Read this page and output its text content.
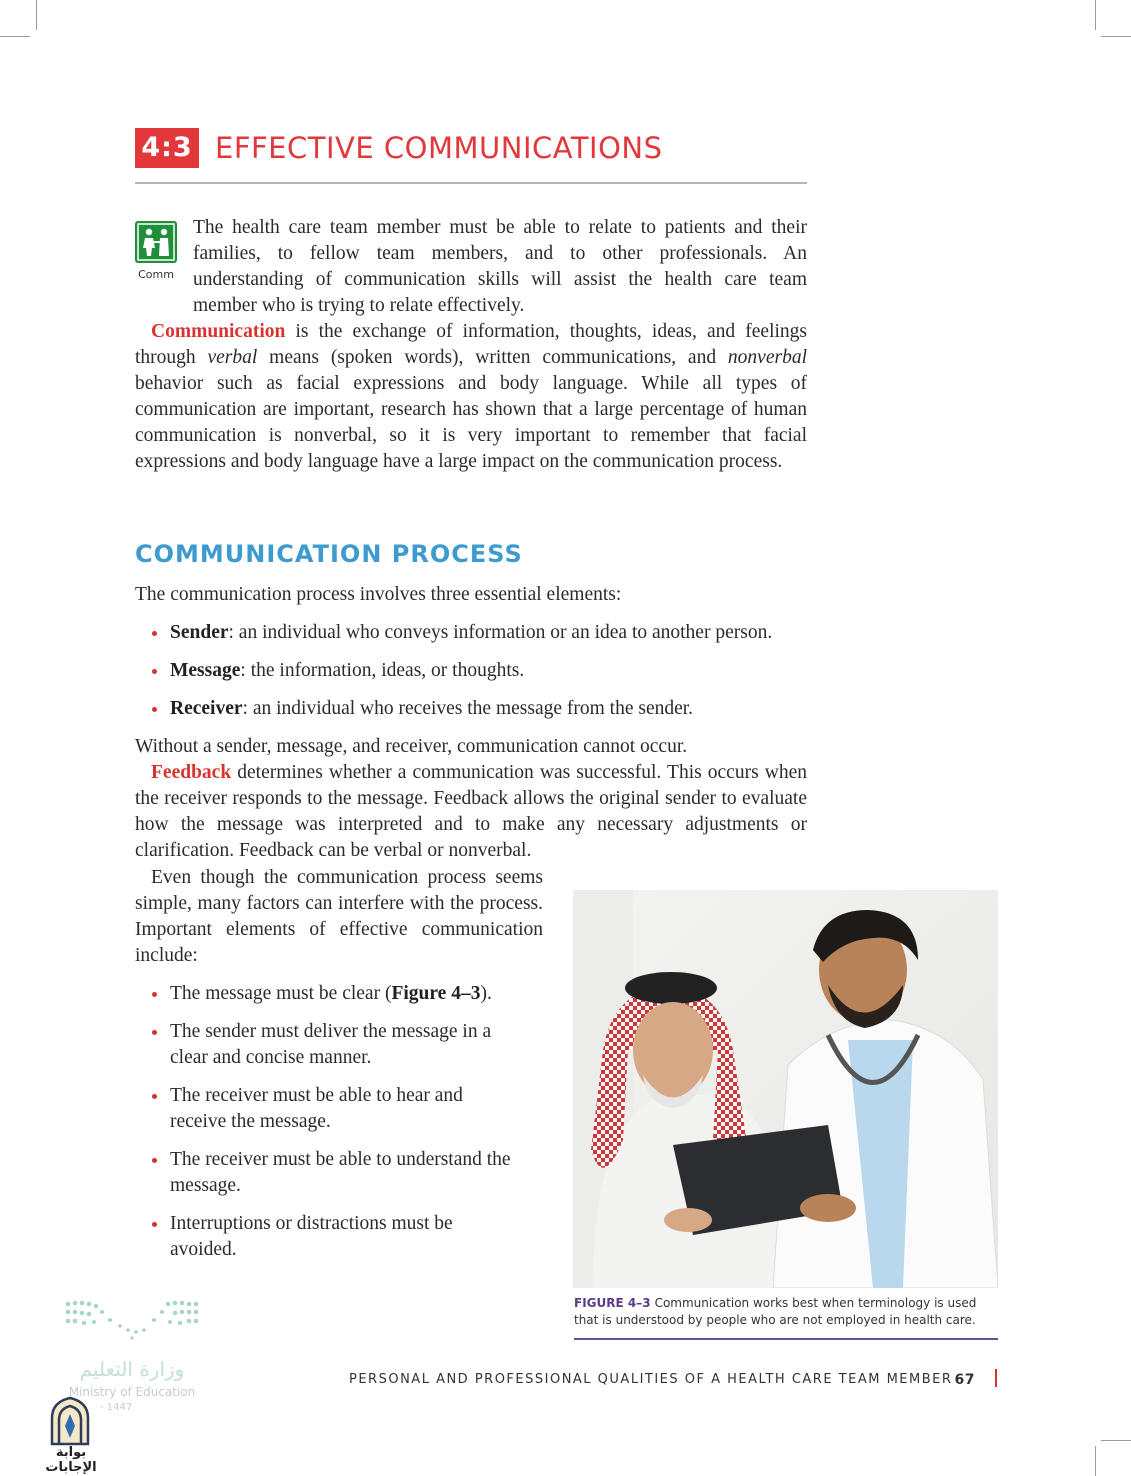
4:3 EFFECTIVE COMMUNICATIONS
Comm

The health care team member must be able to relate to patients and their families, to fellow team members, and to other professionals. An understanding of communication skills will assist the health care team member who is trying to relate effectively.

Communication is the exchange of information, thoughts, ideas, and feelings through verbal means (spoken words), written communications, and nonverbal behavior such as facial expressions and body language. While all types of communication are important, research has shown that a large percentage of human communication is nonverbal, so it is very important to remember that facial expressions and body language have a large impact on the communication process.

COMMUNICATION PROCESS

The communication process involves three essential elements:

Sender: an individual who conveys information or an idea to another person.
Message: the information, ideas, or thoughts.
Receiver: an individual who receives the message from the sender.

Without a sender, message, and receiver, communication cannot occur.

Feedback determines whether a communication was successful. This occurs when the receiver responds to the message. Feedback allows the original sender to evaluate how the message was interpreted and to make any necessary adjustments or clarification. Feedback can be verbal or nonverbal.

Even though the communication process seems simple, many factors can interfere with the process. Important elements of effective communication include:

The message must be clear (Figure 4–3).
The sender must deliver the message in a clear and concise manner.
The receiver must be able to hear and receive the message.
The receiver must be able to understand the message.
Interruptions or distractions must be avoided.
FIGURE 4–3 Communication works best when terminology is used that is understood by people who are not employed in health care.
PERSONAL AND PROFESSIONAL QUALITIES OF A HEALTH CARE TEAM MEMBER 67
وزارة التعليم
Ministry of Education
- 1447
بوابة الإجابات
